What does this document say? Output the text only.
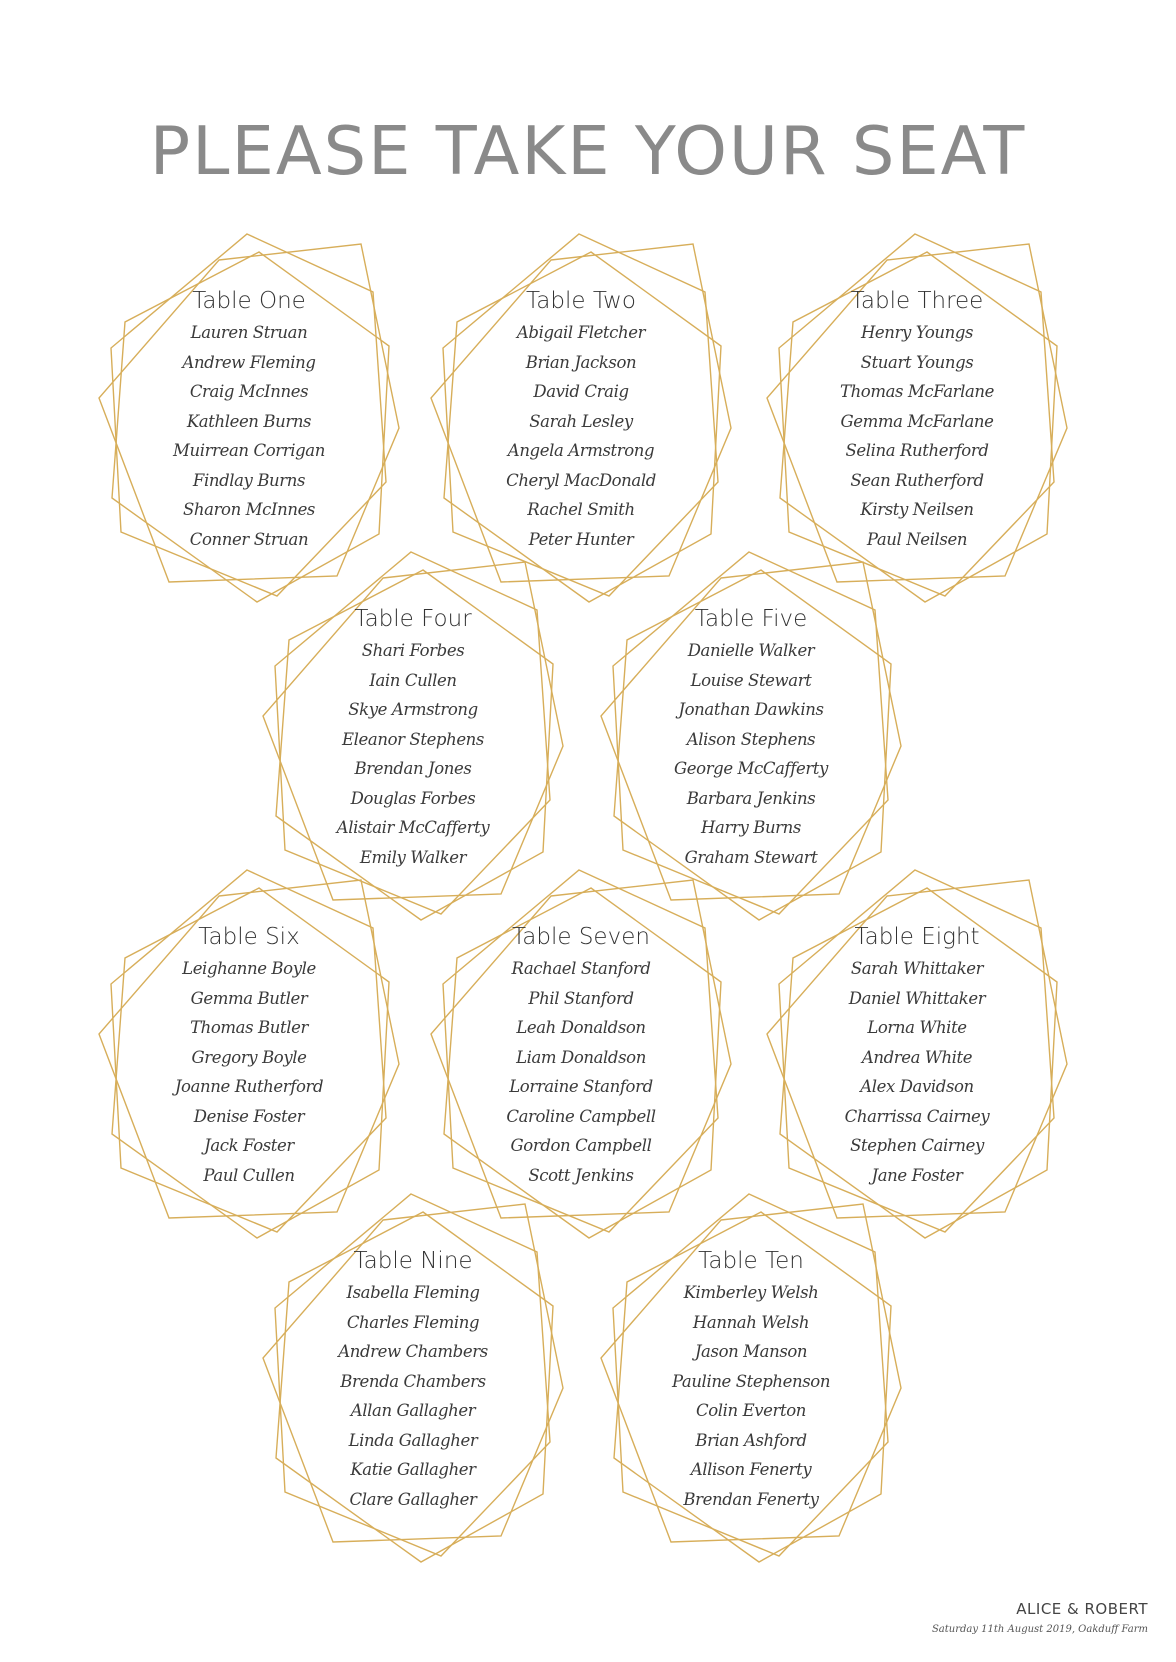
PLEASE TAKE YOUR SEAT
Table One
Lauren Struan
Andrew Fleming
Craig McInnes
Kathleen Burns
Muirrean Corrigan
Findlay Burns
Sharon McInnes
Conner Struan
Table Two
Abigail Fletcher
Brian Jackson
David Craig
Sarah Lesley
Angela Armstrong
Cheryl MacDonald
Rachel Smith
Peter Hunter
Table Three
Henry Youngs
Stuart Youngs
Thomas McFarlane
Gemma McFarlane
Selina Rutherford
Sean Rutherford
Kirsty Neilsen
Paul Neilsen
Table Four
Shari Forbes
Iain Cullen
Skye Armstrong
Eleanor Stephens
Brendan Jones
Douglas Forbes
Alistair McCafferty
Emily Walker
Table Five
Danielle Walker
Louise Stewart
Jonathan Dawkins
Alison Stephens
George McCafferty
Barbara Jenkins
Harry Burns
Graham Stewart
Table Six
Leighanne Boyle
Gemma Butler
Thomas Butler
Gregory Boyle
Joanne Rutherford
Denise Foster
Jack Foster
Paul Cullen
Table Seven
Rachael Stanford
Phil Stanford
Leah Donaldson
Liam Donaldson
Lorraine Stanford
Caroline Campbell
Gordon Campbell
Scott Jenkins
Table Eight
Sarah Whittaker
Daniel Whittaker
Lorna White
Andrea White
Alex Davidson
Charrissa Cairney
Stephen Cairney
Jane Foster
Table Nine
Isabella Fleming
Charles Fleming
Andrew Chambers
Brenda Chambers
Allan Gallagher
Linda Gallagher
Katie Gallagher
Clare Gallagher
Table Ten
Kimberley Welsh
Hannah Welsh
Jason Manson
Pauline Stephenson
Colin Everton
Brian Ashford
Allison Fenerty
Brendan Fenerty
ALICE & ROBERT
Saturday 11th August 2019, Oakduff Farm
